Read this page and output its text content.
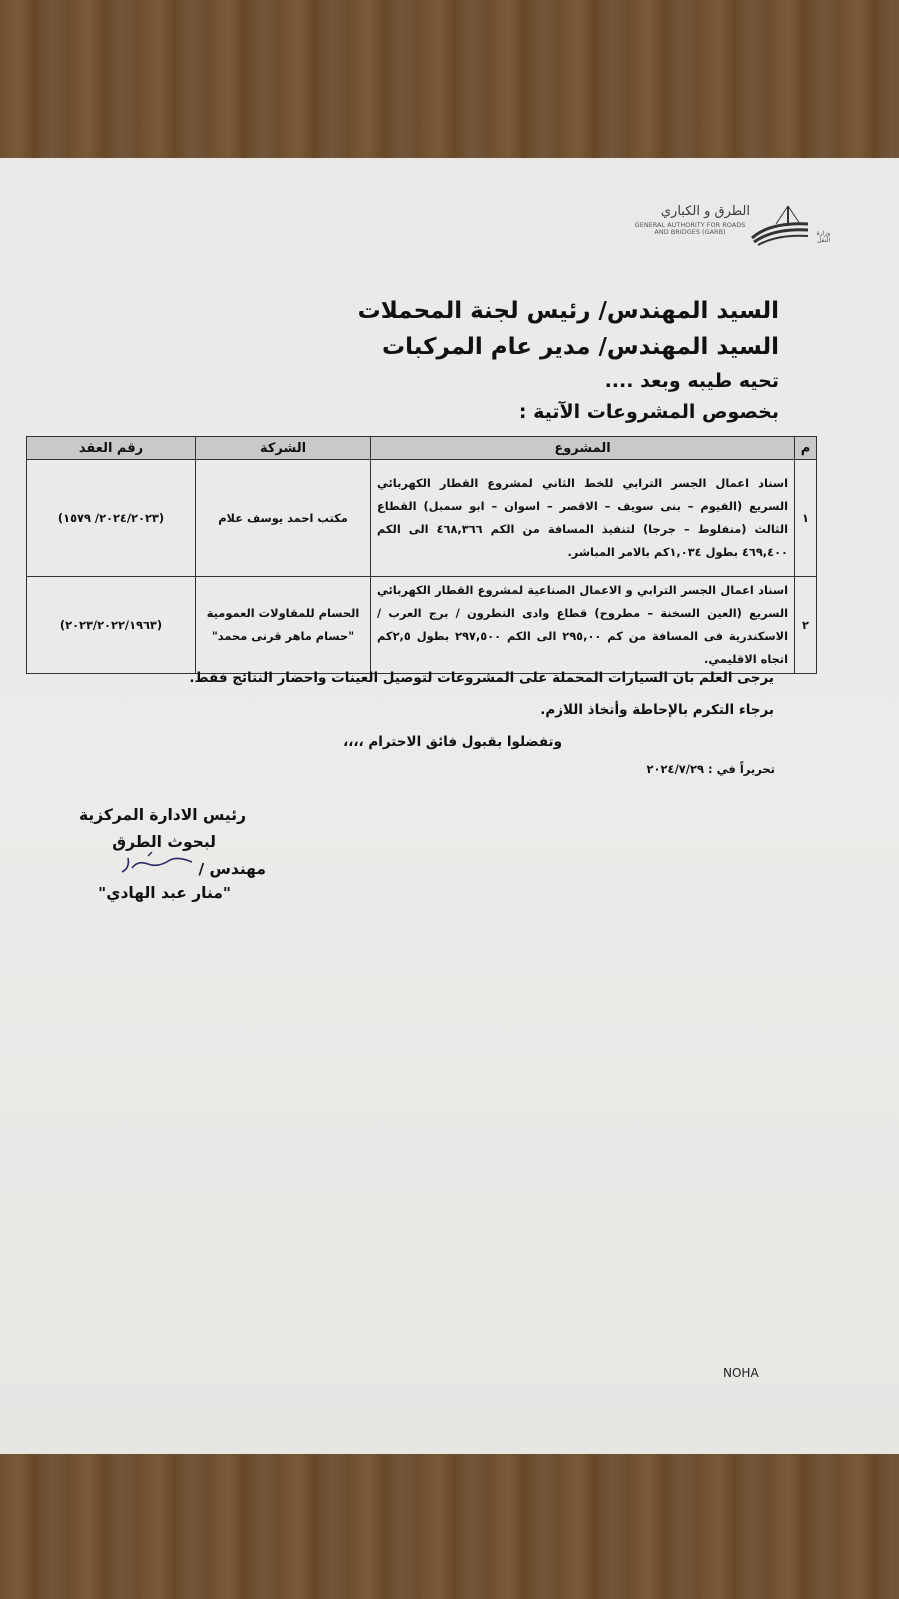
الطرق و الكباري
GENERAL AUTHORITY FOR ROADS AND BRIDGES (GARB)	وزارة النقل
السيد المهندس/ رئيس لجنة المحملات
السيد المهندس/ مدير عام المركبات
تحيه طيبه وبعد ....
بخصوص المشروعات الآتية :
م	المشروع	الشركة	رقم العقد
١	اسناد اعمال الجسر الترابي للخط الثاني لمشروع القطار الكهربائي السريع (الفيوم – بنى سويف – الاقصر – اسوان – ابو سمبل) القطاع الثالث (منفلوط – جرجا) لتنفيذ المسافة من الكم ٤٦٨,٣٦٦ الى الكم ٤٦٩,٤٠٠ بطول ١,٠٣٤كم بالامر المباشر.	مكتب احمد يوسف علام	(٢٠٢٤/٢٠٢٣/ ١٥٧٩)
٢	اسناد اعمال الجسر الترابي و الاعمال الصناعية لمشروع القطار الكهربائي السريع (العين السخنة – مطروح) قطاع وادى النطرون / برج العرب / الاسكندرية فى المسافة من كم ٢٩٥,٠٠ الى الكم ٢٩٧,٥٠٠ بطول ٢,٥كم اتجاه الاقليمي.	الحسام للمقاولات العمومية
"حسام ماهر قرنى محمد"	(٢٠٢٣/٢٠٢٢/١٩٦٣)
يرجى العلم بان السيارات المحملة على المشروعات لتوصيل العينات واحضار النتائج فقط.
برجاء التكرم بالإحاطة وأتخاذ اللازم.
وتفضلوا بقبول فائق الاحترام ،،،،
تحريراً في : ٢٠٢٤/٧/٢٩
رئيس الادارة المركزية
لبحوث الطرق
مهندس /
"منار عبد الهادي"
NOHA
